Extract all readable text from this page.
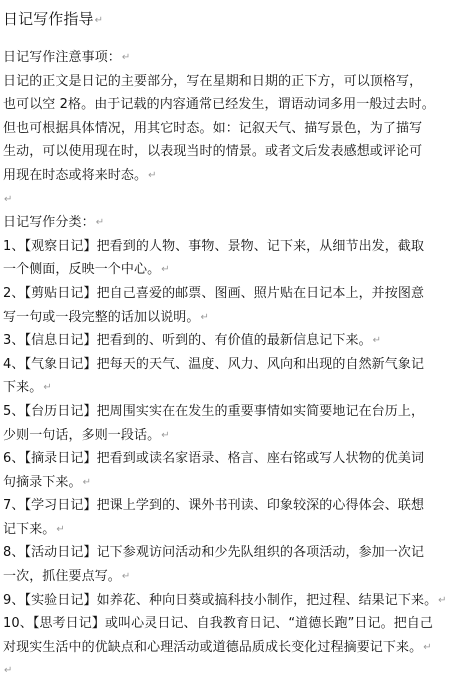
日记写作指导↵
日记写作注意事项：↵
日记的正文是日记的主要部分，写在星期和日期的正下方，可以顶格写，
也可以空 2格。由于记载的内容通常已经发生，谓语动词多用一般过去时。
但也可根据具体情况，用其它时态。如：记叙天气、描写景色，为了描写
生动，可以使用现在时，以表现当时的情景。或者文后发表感想或评论可
用现在时态或将来时态。↵
↵
日记写作分类：↵
1、【观察日记】把看到的人物、事物、景物、记下来，从细节出发，截取
一个侧面，反映一个中心。↵
2、【剪贴日记】把自己喜爱的邮票、图画、照片贴在日记本上，并按图意
写一句或一段完整的话加以说明。↵
3、【信息日记】把看到的、听到的、有价值的最新信息记下来。↵
4、【气象日记】把每天的天气、温度、风力、风向和出现的自然新气象记
下来。↵
5、【台历日记】把周围实实在在发生的重要事情如实简要地记在台历上，
少则一句话，多则一段话。↵
6、【摘录日记】把看到或读名家语录、格言、座右铭或写人状物的优美词
句摘录下来。↵
7、【学习日记】把课上学到的、课外书刊读、印象较深的心得体会、联想
记下来。↵
8、【活动日记】记下参观访问活动和少先队组织的各项活动，参加一次记
一次，抓住要点写。↵
9、【实验日记】如养花、种向日葵或搞科技小制作，把过程、结果记下来。↵
10、【思考日记】或叫心灵日记、自我教育日记、“道德长跑”日记。把自己
对现实生活中的优缺点和心理活动或道德品质成长变化过程摘要记下来。↵
↵
